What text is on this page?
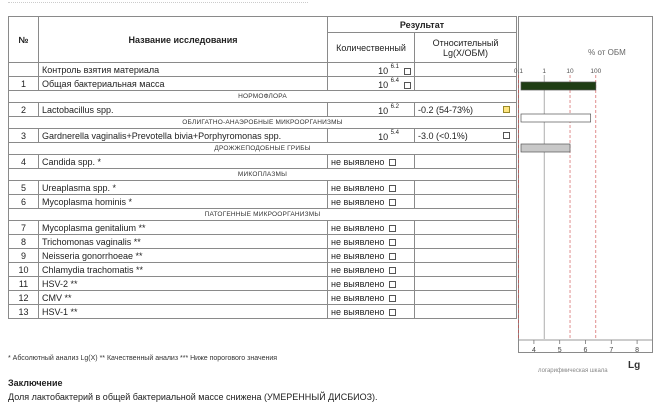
№	Название исследования	Результат	
		Количественный	Относительный
Lg(X/ОБМ)
	Контроль взятия материала	10 $^{6.1}$	
1	Общая бактериальная масса	10 $^{6.4}$	
НОРМОФЛОРА			
2	Lactobacillus spp.	10 $^{6.2}$	-0.2 (54-73%)

ОБЛИГАТНО-АНАЭРОБНЫЕ МИКРООРГАНИЗМЫ			
3	Gardnerella vaginalis+Prevotella bivia+Porphyromonas spp.	10 $^{5.4}$	-3.0 (<0.1%)

ДРОЖЖЕПОДОБНЫЕ ГРИБЫ			
4	Candida spp. *	не выявлено	
МИКОПЛАЗМЫ			
5	Ureaplasma spp. *	не выявлено	
6	Mycoplasma hominis *	не выявлено	
ПАТОГЕННЫЕ МИКРООРГАНИЗМЫ			
7	Mycoplasma genitalium **	не выявлено	
8	Trichomonas vaginalis **	не выявлено	
9	Neisseria gonorrhoeae **	не выявлено	
10	Chlamydia trachomatis **	не выявлено	
11	HSV-2 **	не выявлено	
12	CMV **	не выявлено	
13	HSV-1 **	не выявлено	
% от ОБМ
0.1	1	10	100
4	5	6	7	8
Lg
логарифмическая шкала
* Абсолютный анализ Lg(X) ** Качественный анализ *** Ниже порогового значения
Заключение
Доля лактобактерий в общей бактериальной массе снижена (УМЕРЕННЫЙ ДИСБИОЗ).
